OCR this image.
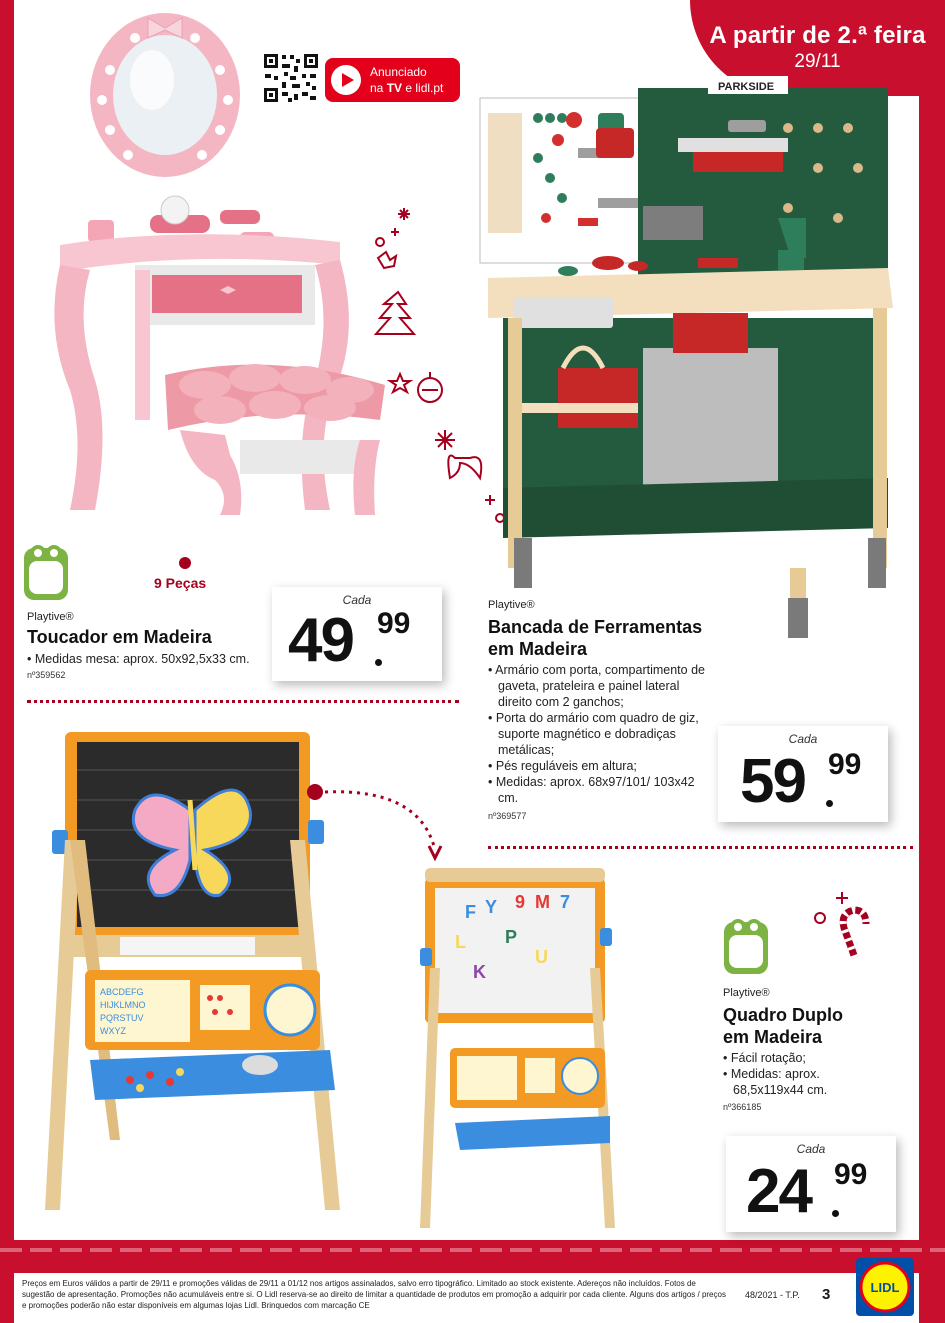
A partir de 2.ª feira
29/11
Anunciado
na TV e lidl.pt	PARKSIDE
3+	9 Peças
Playtive®
Toucador em Madeira
• Medidas mesa: aprox. 50x92,5x33 cm.
nº359562
Cada
49 99
Playtive®
Bancada de Ferramentas
em Madeira
• Armário com porta, compartimento de gaveta, prateleira e painel lateral direito com 2 ganchos;
• Porta do armário com quadro de giz, suporte magnético e dobradiças metálicas;
• Pés reguláveis em altura;
• Medidas: aprox. 68x97/101/ 103x42 cm.
nº369577
Cada
59 99
ABCDEFG
HIJKLMNO
PQRSTUV
WXYZ
F Y 9 M 7
L P
U
K
4+
Playtive®
Quadro Duplo
em Madeira
• Fácil rotação;
• Medidas: aprox. 68,5x119x44 cm.
nº366185
Cada
24 99
Preços em Euros válidos a partir de 29/11 e promoções válidas de 29/11 a 01/12 nos artigos assinalados, salvo erro tipográfico. Limitado ao stock existente. Adereços não incluídos. Fotos de sugestão de apresentação. Promoções não acumuláveis entre si. O Lidl reserva-se ao direito de limitar a quantidade de produtos em promoção a adquirir por cada cliente. Alguns dos artigos / preços e promoções poderão não estar disponíveis em algumas lojas Lidl. Brinquedos com marcação CE
48/2021 - T.P. 3	LIDL
